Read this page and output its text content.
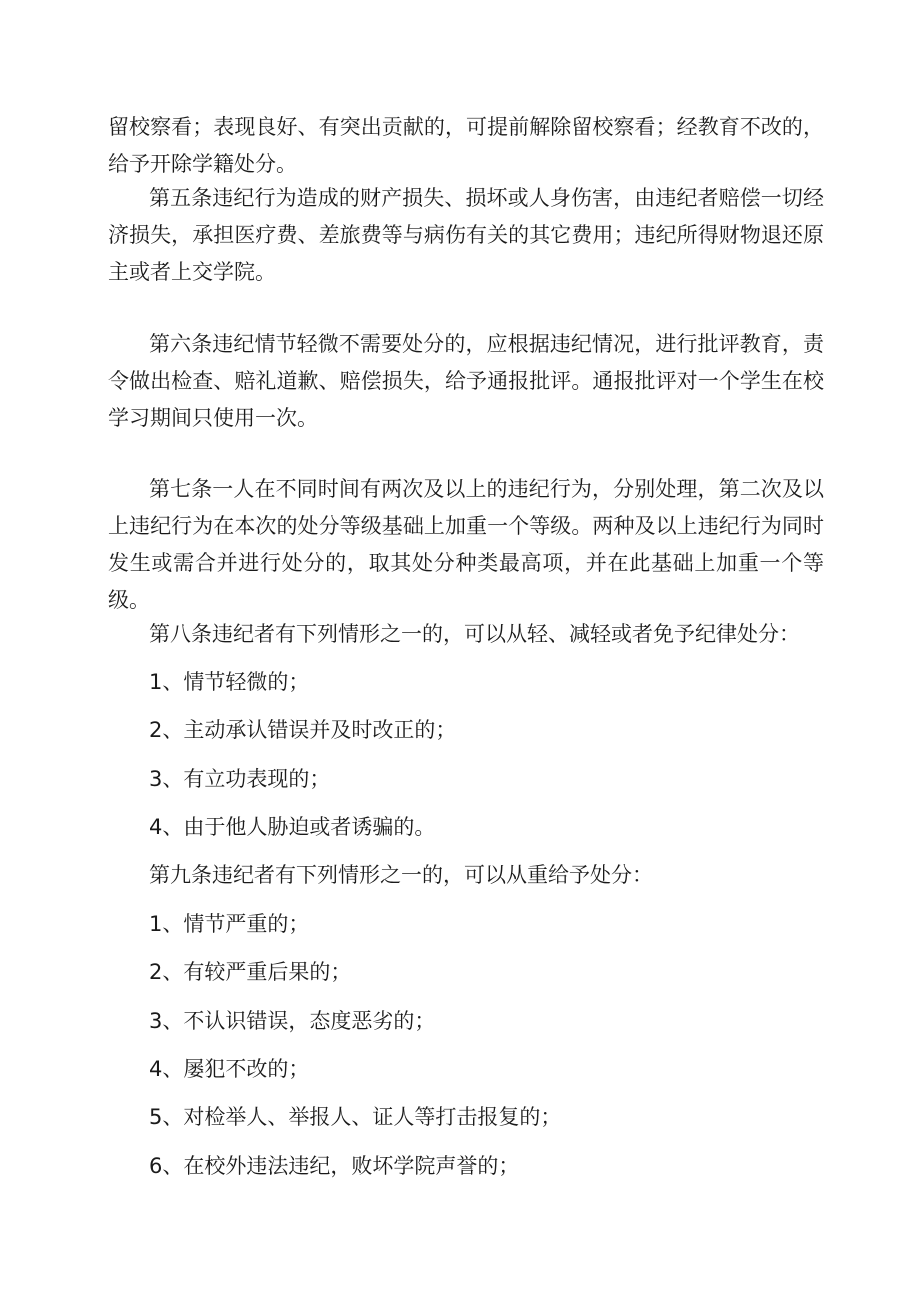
留校察看；表现良好、有突出贡献的，可提前解除留校察看；经教育不改的，给予开除学籍处分。

第五条违纪行为造成的财产损失、损坏或人身伤害，由违纪者赔偿一切经济损失，承担医疗费、差旅费等与病伤有关的其它费用；违纪所得财物退还原主或者上交学院。

第六条违纪情节轻微不需要处分的，应根据违纪情况，进行批评教育，责令做出检查、赔礼道歉、赔偿损失，给予通报批评。通报批评对一个学生在校学习期间只使用一次。

第七条一人在不同时间有两次及以上的违纪行为，分别处理，第二次及以上违纪行为在本次的处分等级基础上加重一个等级。两种及以上违纪行为同时发生或需合并进行处分的，取其处分种类最高项，并在此基础上加重一个等级。

第八条违纪者有下列情形之一的，可以从轻、减轻或者免予纪律处分：

1、情节轻微的；

2、主动承认错误并及时改正的；

3、有立功表现的；

4、由于他人胁迫或者诱骗的。

第九条违纪者有下列情形之一的，可以从重给予处分：

1、情节严重的；

2、有较严重后果的；

3、不认识错误，态度恶劣的；

4、屡犯不改的；

5、对检举人、举报人、证人等打击报复的；

6、在校外违法违纪，败坏学院声誉的；
